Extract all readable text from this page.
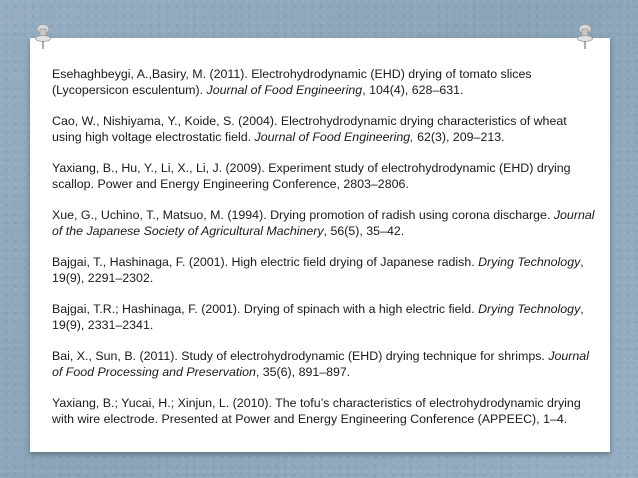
Esehaghbeygi, A.,Basiry, M. (2011). Electrohydrodynamic (EHD) drying of tomato slices (Lycopersicon esculentum). Journal of Food Engineering, 104(4), 628–631.
Cao, W., Nishiyama, Y., Koide, S. (2004). Electrohydrodynamic drying characteristics of wheat using high voltage electrostatic field. Journal of Food Engineering, 62(3), 209–213.
Yaxiang, B., Hu, Y., Li, X., Li, J. (2009). Experiment study of electrohydrodynamic (EHD) drying scallop. Power and Energy Engineering Conference, 2803–2806.
Xue, G., Uchino, T., Matsuo, M. (1994). Drying promotion of radish using corona discharge. Journal of the Japanese Society of Agricultural Machinery, 56(5), 35–42.
Bajgai, T., Hashinaga, F. (2001). High electric field drying of Japanese radish. Drying Technology, 19(9), 2291–2302.
Bajgai, T.R.; Hashinaga, F. (2001). Drying of spinach with a high electric field. Drying Technology, 19(9), 2331–2341.
Bai, X., Sun, B. (2011). Study of electrohydrodynamic (EHD) drying technique for shrimps. Journal of Food Processing and Preservation, 35(6), 891–897.
Yaxiang, B.; Yucai, H.; Xinjun, L. (2010). The tofu’s characteristics of electrohydrodynamic drying with wire electrode. Presented at Power and Energy Engineering Conference (APPEEC), 1–4.
